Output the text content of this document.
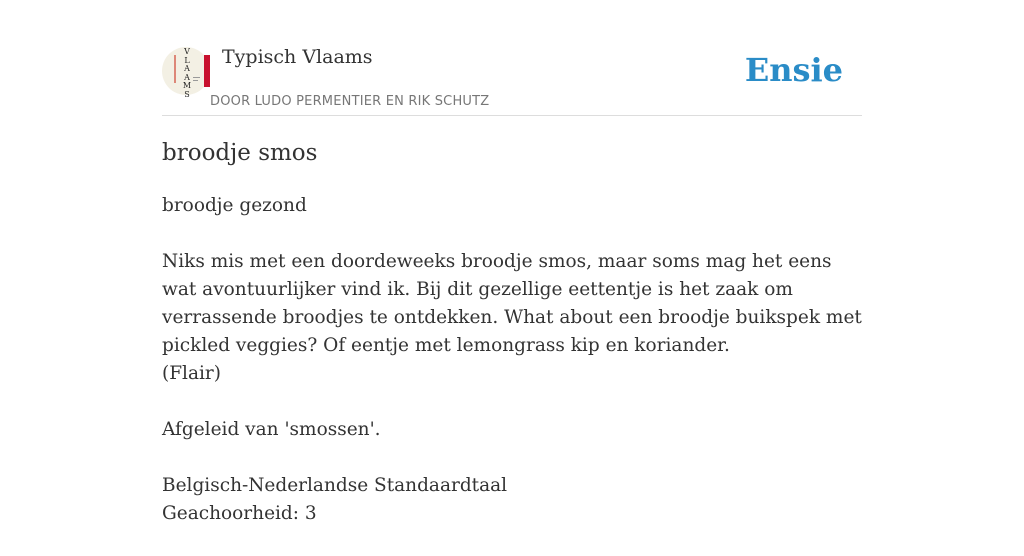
V
L
A
A
M
S
Typisch Vlaams
DOOR LUDO PERMENTIER EN RIK SCHUTZ
Ensie
broodje smos

broodje gezond

Niks mis met een doordeweeks broodje smos, maar soms mag het eens wat avontuurlijker vind ik. Bij dit gezellige eettentje is het zaak om verrassende broodjes te ontdekken. What about een broodje buikspek met pickled veggies? Of eentje met lemongrass kip en koriander.
(Flair)

Afgeleid van 'smossen'.

Belgisch-Nederlandse Standaardtaal
Geachoorheid: 3
